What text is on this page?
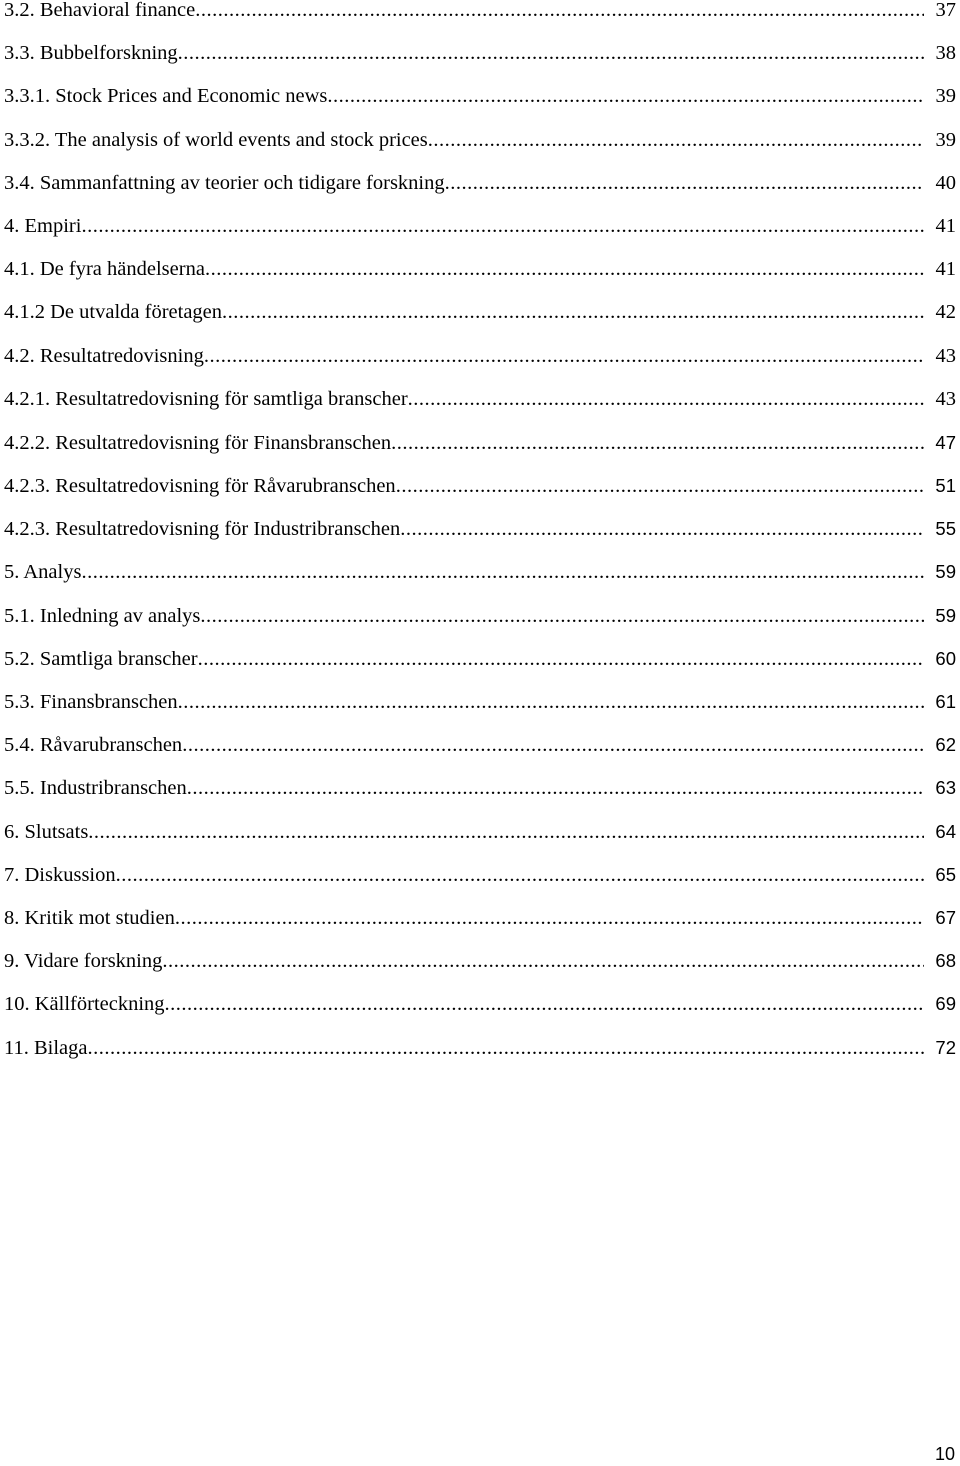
3.2. Behavioral finance .....	37
3.3. Bubbelforskning .....	38
3.3.1. Stock Prices and Economic news .....	39
3.3.2. The analysis of world events and stock prices .....	39
3.4. Sammanfattning av teorier och tidigare forskning .....	40
4. Empiri .....	41
4.1. De fyra händelserna .....	41
4.1.2 De utvalda företagen .....	42
4.2. Resultatredovisning .....	43
4.2.1. Resultatredovisning för samtliga branscher .....	43
4.2.2. Resultatredovisning för Finansbranschen .....	47
4.2.3. Resultatredovisning för Råvarubranschen .....	51
4.2.3. Resultatredovisning för Industribranschen .....	55
5. Analys .....	59
5.1. Inledning av analys .....	59
5.2. Samtliga branscher .....	60
5.3. Finansbranschen .....	61
5.4. Råvarubranschen .....	62
5.5. Industribranschen .....	63
6. Slutsats .....	64
7. Diskussion .....	65
8. Kritik mot studien .....	67
9. Vidare forskning .....	68
10. Källförteckning .....	69
11. Bilaga .....	72
10
